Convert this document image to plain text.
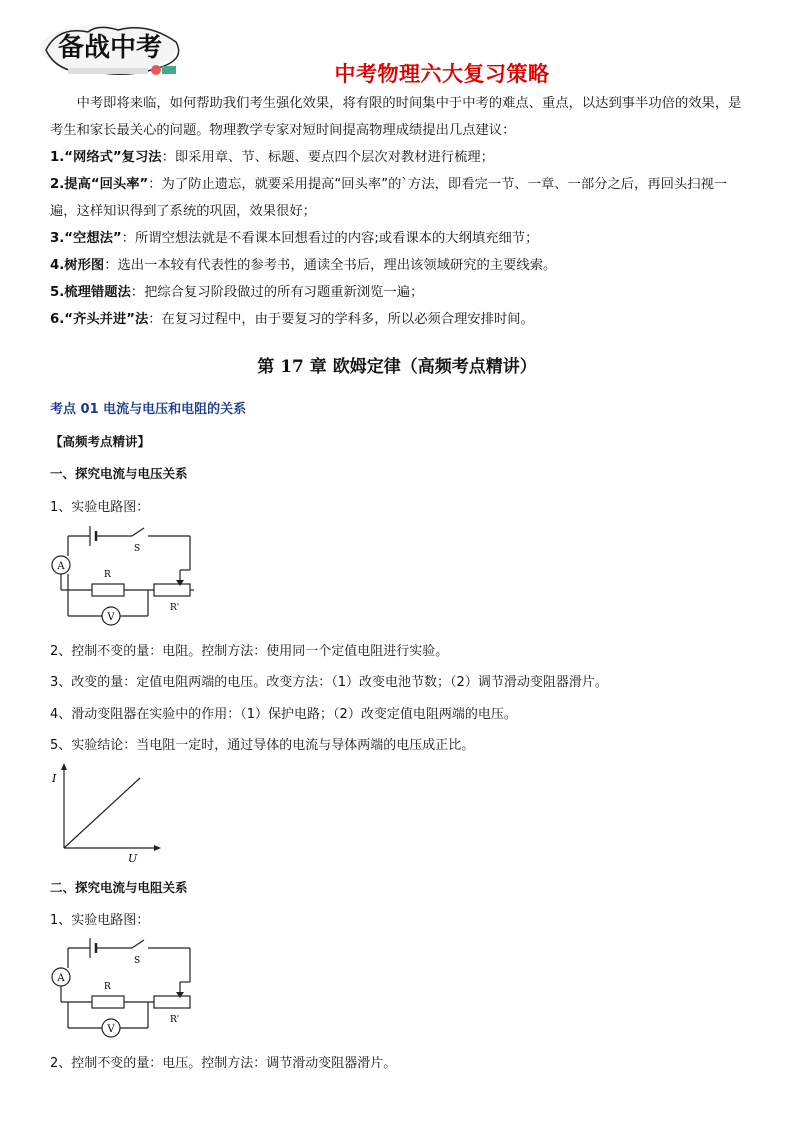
备战中考
中考物理六大复习策略

中考即将来临，如何帮助我们考生强化效果，将有限的时间集中于中考的难点、重点，以达到事半功倍的效果，是考生和家长最关心的问题。物理教学专家对短时间提高物理成绩提出几点建议：

1.“网络式”复习法：即采用章、节、标题、要点四个层次对教材进行梳理；

2.提高“回头率”：为了防止遗忘，就要采用提高“回头率”的`方法，即看完一节、一章、一部分之后，再回头扫视一遍，这样知识得到了系统的巩固，效果很好；

3.“空想法”：所谓空想法就是不看课本回想看过的内容;或看课本的大纲填充细节；

4.树形图：选出一本较有代表性的参考书，通读全书后，理出该领域研究的主要线索。

5.梳理错题法：把综合复习阶段做过的所有习题重新浏览一遍；

6.“齐头并进”法：在复习过程中，由于要复习的学科多，所以必须合理安排时间。

第 17 章 欧姆定律（高频考点精讲）
考点 01 电流与电压和电阻的关系
【高频考点精讲】
一、探究电流与电压关系
1、实验电路图：
A
V
S
R
R'
2、控制不变的量：电阻。控制方法：使用同一个定值电阻进行实验。
3、改变的量：定值电阻两端的电压。改变方法：（1）改变电池节数；（2）调节滑动变阻器滑片。
4、滑动变阻器在实验中的作用：（1）保护电路；（2）改变定值电阻两端的电压。
5、实验结论：当电阻一定时，通过导体的电流与导体两端的电压成正比。
I
U
二、探究电流与电阻关系
1、实验电路图：
A
V
S
R
R'
2、控制不变的量：电压。控制方法：调节滑动变阻器滑片。
